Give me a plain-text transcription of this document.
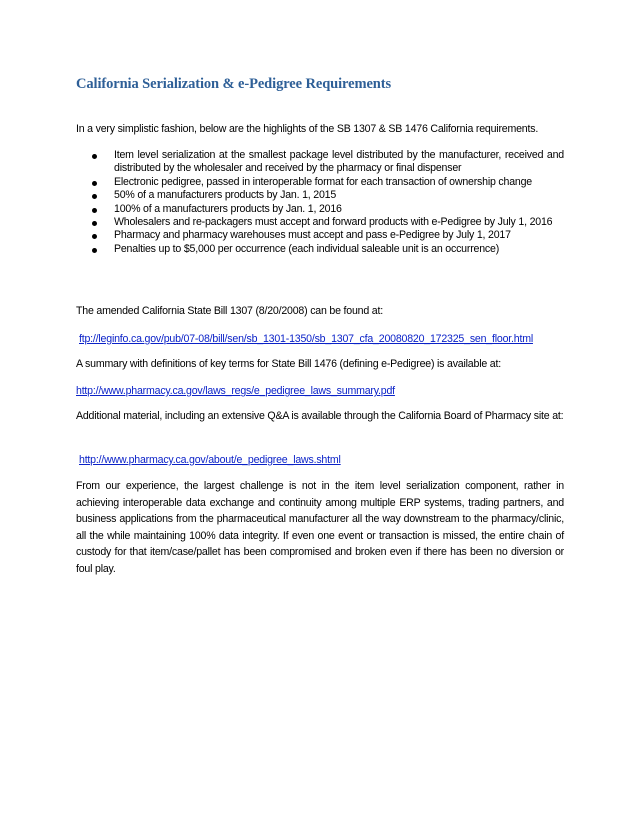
California Serialization & e-Pedigree Requirements
In a very simplistic fashion, below are the highlights of the SB 1307 & SB 1476 California requirements.
Item level serialization at the smallest package level distributed by the manufacturer, received and distributed by the wholesaler and received by the pharmacy or final dispenser
Electronic pedigree, passed in interoperable format for each transaction of ownership change
50% of a manufacturers products by Jan. 1, 2015
100% of a manufacturers products by Jan. 1, 2016
Wholesalers and re-packagers must accept and forward products with e-Pedigree by July 1, 2016
Pharmacy and pharmacy warehouses must accept and pass e-Pedigree by July 1, 2017
Penalties up to $5,000 per occurrence (each individual saleable unit is an occurrence)

The amended California State Bill 1307 (8/20/2008) can be found at:

ftp://leginfo.ca.gov/pub/07-08/bill/sen/sb_1301-1350/sb_1307_cfa_20080820_172325_sen_floor.html

A summary with definitions of key terms for State Bill 1476 (defining e-Pedigree) is available at:

http://www.pharmacy.ca.gov/laws_regs/e_pedigree_laws_summary.pdf

Additional material, including an extensive Q&A is available through the California Board of Pharmacy site at:

http://www.pharmacy.ca.gov/about/e_pedigree_laws.shtml

From our experience, the largest challenge is not in the item level serialization component, rather in achieving interoperable data exchange and continuity among multiple ERP systems, trading partners, and business applications from the pharmaceutical manufacturer all the way downstream to the pharmacy/clinic, all the while maintaining 100% data integrity. If even one event or transaction is missed, the entire chain of custody for that item/case/pallet has been compromised and broken even if there has been no diversion or foul play.
